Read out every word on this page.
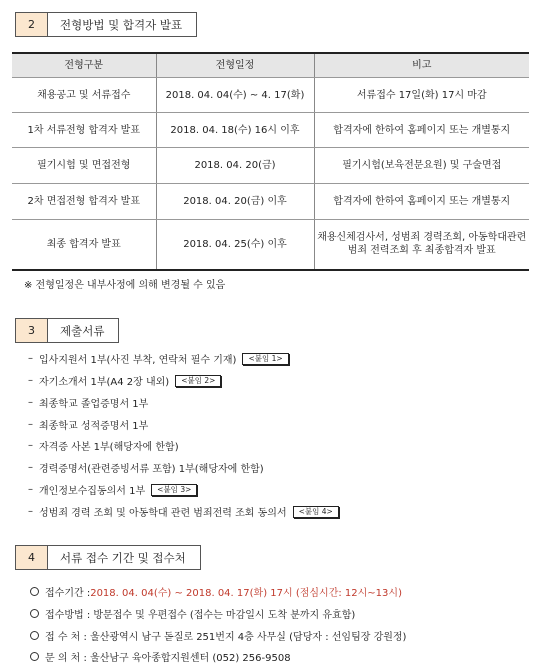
2	전형방법 및 합격자 발표
전형구분	전형일정	비고
채용공고 및 서류접수	2018. 04. 04(수) ~ 4. 17(화)	서류접수 17일(화) 17시 마감
1차 서류전형 합격자 발표	2018. 04. 18(수) 16시 이후	합격자에 한하여 홈페이지 또는 개별통지
필기시험 및 면접전형	2018. 04. 20(금)	필기시험(보육전문요원) 및 구술면접
2차 면접전형 합격자 발표	2018. 04. 20(금) 이후	합격자에 한하여 홈페이지 또는 개별통지
최종 합격자 발표	2018. 04. 25(수) 이후	채용신체검사서, 성범죄 경력조회, 아동학대관련범죄 전력조회 후 최종합격자 발표
※ 전형일정은 내부사정에 의해 변경될 수 있음
3	제출서류
– 입사지원서 1부(사진 부착, 연락처 필수 기재)	<붙임 1>
– 자기소개서 1부(A4 2장 내외)	<붙임 2>
– 최종학교 졸업증명서 1부
– 최종학교 성적증명서 1부
– 자격증 사본 1부(해당자에 한함)
– 경력증명서(관련증빙서류 포함) 1부(해당자에 한함)
– 개인정보수집동의서 1부	<붙임 3>
– 성범죄 경력 조회 및 아동학대 관련 범죄전력 조회 동의서	<붙임 4>
4	서류 접수 기간 및 접수처
접수기간 : 2018. 04. 04(수) ~ 2018. 04. 17(화) 17시 (점심시간: 12시~13시)
접수방법 : 방문접수 및 우편접수 (접수는 마감일시 도착 분까지 유효함)
접 수 처 : 울산광역시 남구 돋질로 251번지 4층 사무실 (담당자 : 선임팀장 강원정)
문 의 처 : 울산남구 육아종합지원센터 (052) 256-9508
